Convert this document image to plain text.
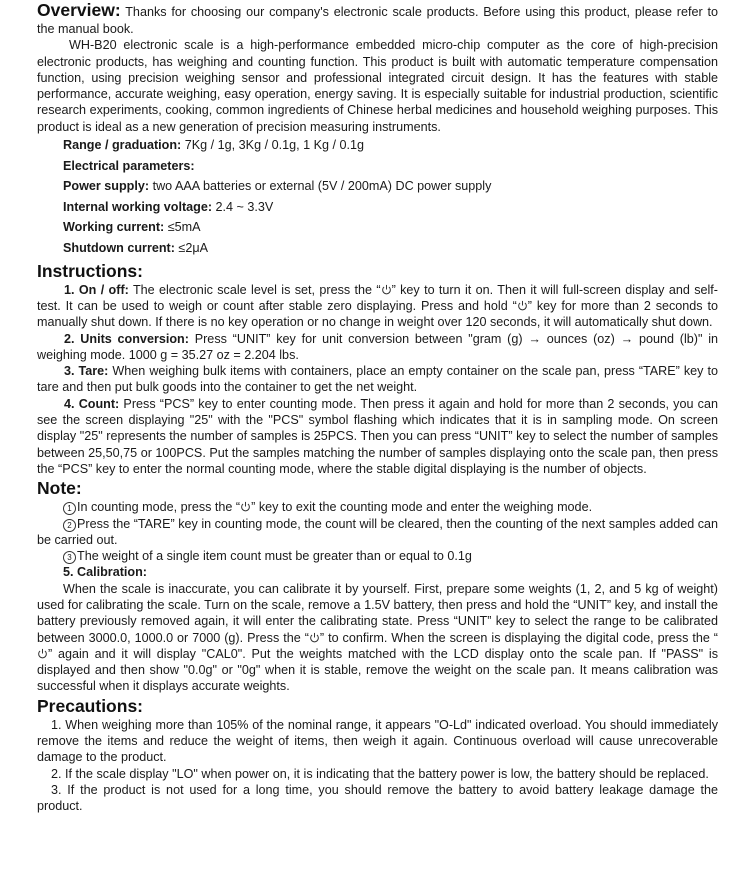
Overview: Thanks for choosing our company's electronic scale products. Before using this product, please refer to the manual book.

WH-B20 electronic scale is a high-performance embedded micro-chip computer as the core of high-precision electronic products, has weighing and counting function. This product is built with automatic temperature compensation function, using precision weighing sensor and professional integrated circuit design. It has the features with stable performance, accurate weighing, easy operation, energy saving. It is especially suitable for industrial production, scientific research experiments, cooking, common ingredients of Chinese herbal medicines and household weighing purposes. This product is ideal as a new generation of precision measuring instruments.

Range / graduation: 7Kg / 1g, 3Kg / 0.1g, 1 Kg / 0.1g
Electrical parameters:
Power supply: two AAA batteries or external (5V / 200mA) DC power supply
Internal working voltage: 2.4 ~ 3.3V
Working current: ≤5mA
Shutdown current: ≤2μA
Instructions:

1. On / off: The electronic scale level is set, press the “ ” key to turn it on. Then it will full-screen display and self-test. It can be used to weigh or count after stable zero displaying. Press and hold “ ” key for more than 2 seconds to manually shut down. If there is no key operation or no change in weight over 120 seconds, it will automatically shut down.

2. Units conversion: Press “UNIT” key for unit conversion between "gram (g) → ounces (oz) → pound (lb)" in weighing mode. 1000 g = 35.27 oz = 2.204 lbs.

3. Tare: When weighing bulk items with containers, place an empty container on the scale pan, press “TARE” key to tare and then put bulk goods into the container to get the net weight.

4. Count: Press “PCS” key to enter counting mode. Then press it again and hold for more than 2 seconds, you can see the screen displaying "25" with the "PCS" symbol flashing which indicates that it is in sampling mode. On screen display "25" represents the number of samples is 25PCS. Then you can press “UNIT” key to select the number of samples between 25,50,75 or 100PCS. Put the samples matching the number of samples displaying onto the scale pan, then press the “PCS” key to enter the normal counting mode, where the stable digital displaying is the number of objects.

Note:

1 In counting mode, press the “ ” key to exit the counting mode and enter the weighing mode.

2 Press the “TARE” key in counting mode, the count will be cleared, then the counting of the next samples added can be carried out.

3 The weight of a single item count must be greater than or equal to 0.1g

5. Calibration:

When the scale is inaccurate, you can calibrate it by yourself. First, prepare some weights (1, 2, and 5 kg of weight) used for calibrating the scale. Turn on the scale, remove a 1.5V battery, then press and hold the “UNIT” key, and install the battery previously removed again, it will enter the calibrating state. Press “UNIT” key to select the range to be calibrated between 3000.0, 1000.0 or 7000 (g). Press the “ ” to confirm. When the screen is displaying the digital code, press the “” again and it will display "CAL0". Put the weights matched with the LCD display onto the scale pan. If "PASS" is displayed and then show "0.0g" or "0g" when it is stable, remove the weight on the scale pan. It means calibration was successful when it displays accurate weights.

Precautions:

1. When weighing more than 105% of the nominal range, it appears "O-Ld" indicated overload. You should immediately remove the items and reduce the weight of items, then weigh it again. Continuous overload will cause unrecoverable damage to the product.

2. If the scale display "LO" when power on, it is indicating that the battery power is low, the battery should be replaced.

3. If the product is not used for a long time, you should remove the battery to avoid battery leakage damage the product.
